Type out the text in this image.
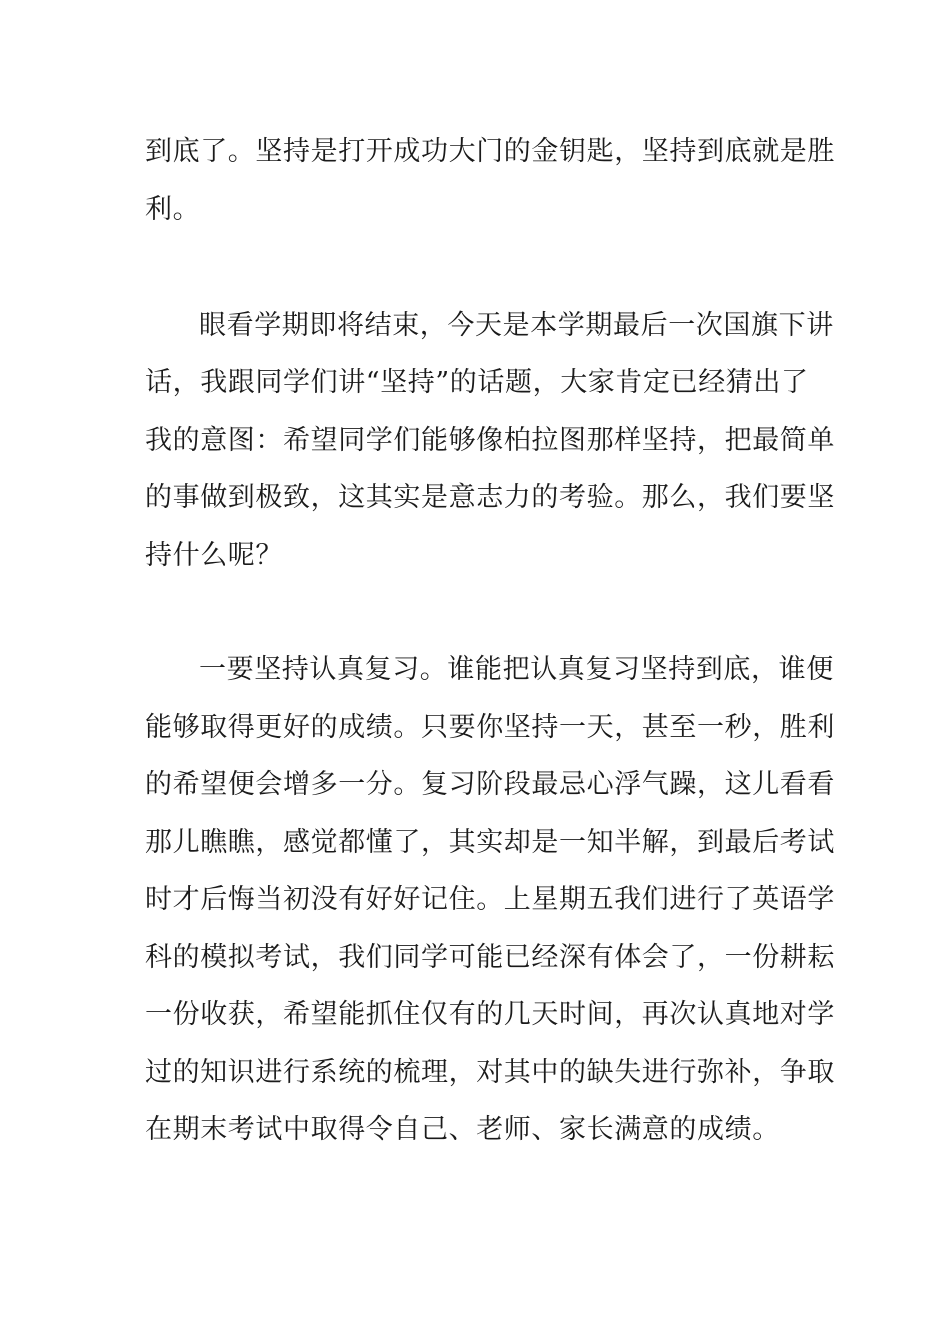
到底了。坚持是打开成功大门的金钥匙，坚持到底就是胜
利。
眼看学期即将结束，今天是本学期最后一次国旗下讲
话，我跟同学们讲“坚持”的话题，大家肯定已经猜出了
我的意图：希望同学们能够像柏拉图那样坚持，把最简单
的事做到极致，这其实是意志力的考验。那么，我们要坚
持什么呢？
一要坚持认真复习。谁能把认真复习坚持到底，谁便
能够取得更好的成绩。只要你坚持一天，甚至一秒，胜利
的希望便会增多一分。复习阶段最忌心浮气躁，这儿看看
那儿瞧瞧，感觉都懂了，其实却是一知半解，到最后考试
时才后悔当初没有好好记住。上星期五我们进行了英语学
科的模拟考试，我们同学可能已经深有体会了，一份耕耘
一份收获，希望能抓住仅有的几天时间，再次认真地对学
过的知识进行系统的梳理，对其中的缺失进行弥补，争取
在期末考试中取得令自己、老师、家长满意的成绩。
